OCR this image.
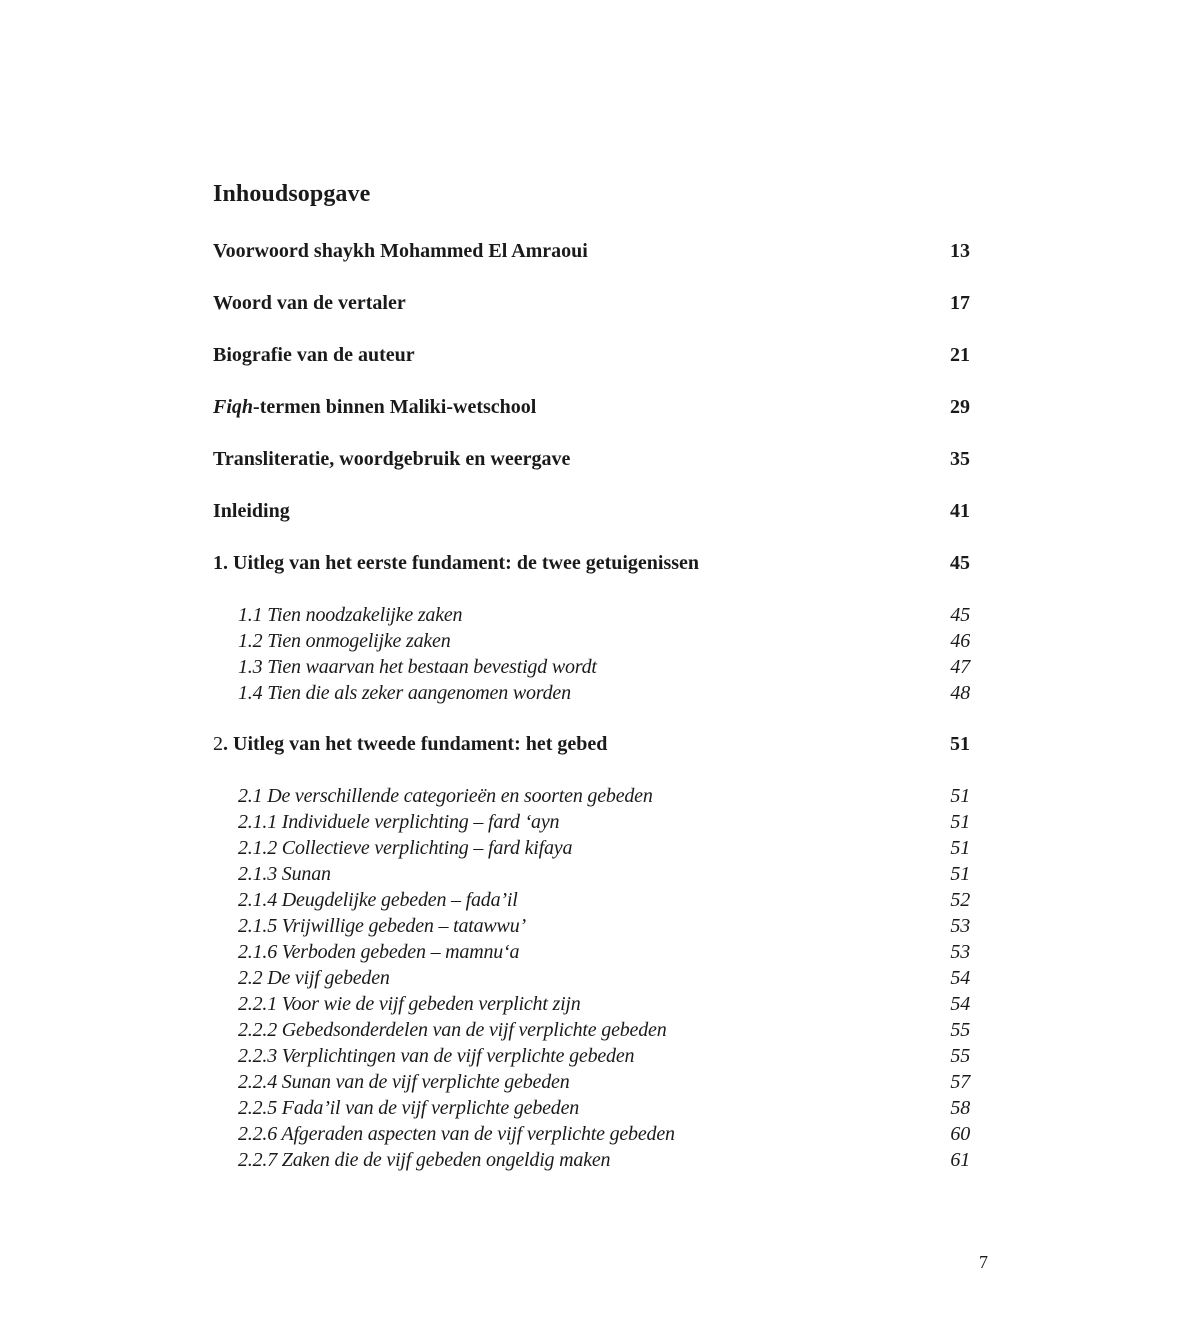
Inhoudsopgave
Voorwoord shaykh Mohammed El Amraoui	13
Woord van de vertaler	17
Biografie van de auteur	21
Fiqh-termen binnen Maliki-wetschool	29
Transliteratie, woordgebruik en weergave	35
Inleiding	41
1. Uitleg van het eerste fundament: de twee getuigenissen	45
1.1 Tien noodzakelijke zaken	45
1.2 Tien onmogelijke zaken	46
1.3 Tien waarvan het bestaan bevestigd wordt	47
1.4 Tien die als zeker aangenomen worden	48
2. Uitleg van het tweede fundament: het gebed	51
2.1 De verschillende categorieën en soorten gebeden	51
2.1.1 Individuele verplichting – fard ‘ayn	51
2.1.2 Collectieve verplichting – fard kifaya	51
2.1.3 Sunan	51
2.1.4 Deugdelijke gebeden – fada’il	52
2.1.5 Vrijwillige gebeden – tatawwu’	53
2.1.6 Verboden gebeden – mamnu‘a	53
2.2 De vijf gebeden	54
2.2.1 Voor wie de vijf gebeden verplicht zijn	54
2.2.2 Gebedsonderdelen van de vijf verplichte gebeden	55
2.2.3 Verplichtingen van de vijf verplichte gebeden	55
2.2.4 Sunan van de vijf verplichte gebeden	57
2.2.5 Fada’il van de vijf verplichte gebeden	58
2.2.6 Afgeraden aspecten van de vijf verplichte gebeden	60
2.2.7 Zaken die de vijf gebeden ongeldig maken	61
7
